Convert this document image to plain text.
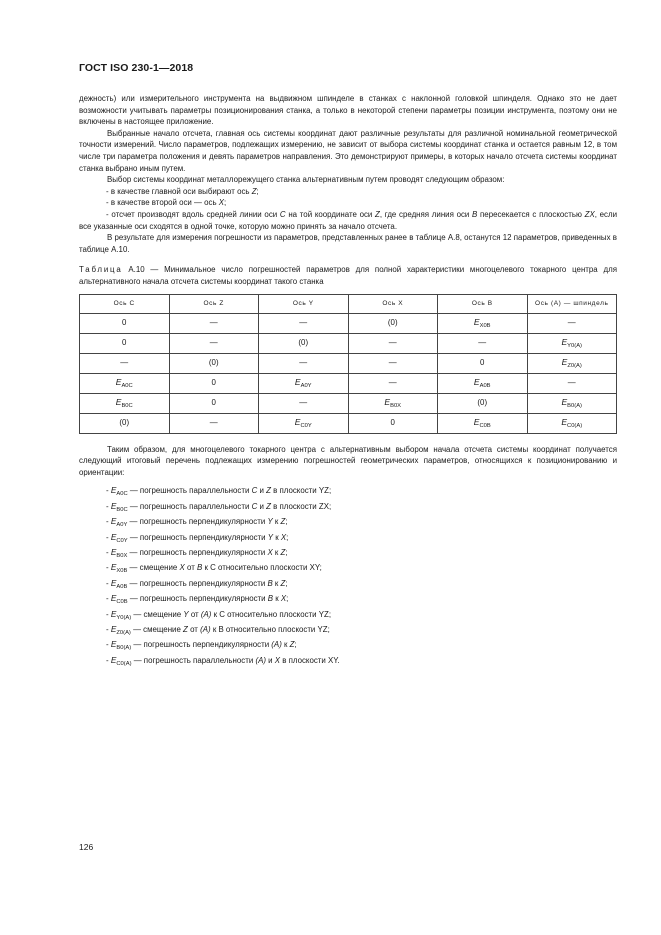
ГОСТ ISO 230-1—2018

дежность) или измерительного инструмента на выдвижном шпинделе в станках с наклонной головкой шпинделя. Однако это не дает возможности учитывать параметры позиционирования станка, а только в некоторой степени параметры позиции инструмента, поэтому они не включены в настоящее приложение.

Выбранные начало отсчета, главная ось системы координат дают различные результаты для различной номинальной геометрической точности измерений. Число параметров, подлежащих измерению, не зависит от выбора системы координат станка и остается равным 12, в том числе три параметра положения и девять параметров направления. Это демонстрируют примеры, в которых начало отсчета системы координат станка выбрано иным путем.

Выбор системы координат металлорежущего станка альтернативным путем проводят следующим образом:

- в качестве главной оси выбирают ось Z;

- в качестве второй оси — ось X;

- отсчет производят вдоль средней линии оси C на той координате оси Z, где средняя линия оси B пересекается с плоскостью ZX, если все указанные оси сходятся в одной точке, которую можно принять за начало отсчета.

В результате для измерения погрешности из параметров, представленных ранее в таблице A.8, останутся 12 параметров, приведенных в таблице A.10.

Таблица A.10 — Минимальное число погрешностей параметров для полной характеристики многоцелевого токарного центра для альтернативного начала отсчета системы координат такого станка

Ось C	Ось Z	Ось Y	Ось X	Ось B	Ось (A) — шпиндель
0	—	—	(0)	$E_{X0B}$	—
0	—	(0)	—	—	$E_{Y0(A)}$
—	(0)	—	—	0	$E_{Z0(A)}$
$E_{A0C}$	0	$E_{A0Y}$	—	$E_{A0B}$	—
$E_{B0C}$	0	—	$E_{B0X}$	(0)	$E_{B0(A)}$
(0)	—	$E_{C0Y}$	0	$E_{C0B}$	$E_{C0(A)}$

Таким образом, для многоцелевого токарного центра с альтернативным выбором начала отсчета системы координат получается следующий итоговый перечень подлежащих измерению погрешностей геометрических параметров, относящихся к позиционированию и ориентации:

- $E_{A0C}$ — погрешность параллельности C и Z в плоскости YZ;
- $E_{B0C}$ — погрешность параллельности C и Z в плоскости ZX;
- $E_{A0Y}$ — погрешность перпендикулярности Y к Z;
- $E_{C0Y}$ — погрешность перпендикулярности Y к X;
- $E_{B0X}$ — погрешность перпендикулярности X к Z;
- $E_{X0B}$ — смещение X от B к C относительно плоскости XY;
- $E_{A0B}$ — погрешность перпендикулярности B к Z;
- $E_{C0B}$ — погрешность перпендикулярности B к X;
- $E_{Y0(A)}$ — смещение Y от (A) к C относительно плоскости YZ;
- $E_{Z0(A)}$ — смещение Z от (A) к B относительно плоскости YZ;
- $E_{B0(A)}$ — погрешность перпендикулярности (A) к Z;
- $E_{C0(A)}$ — погрешность параллельности (A) и X в плоскости XY.
126
